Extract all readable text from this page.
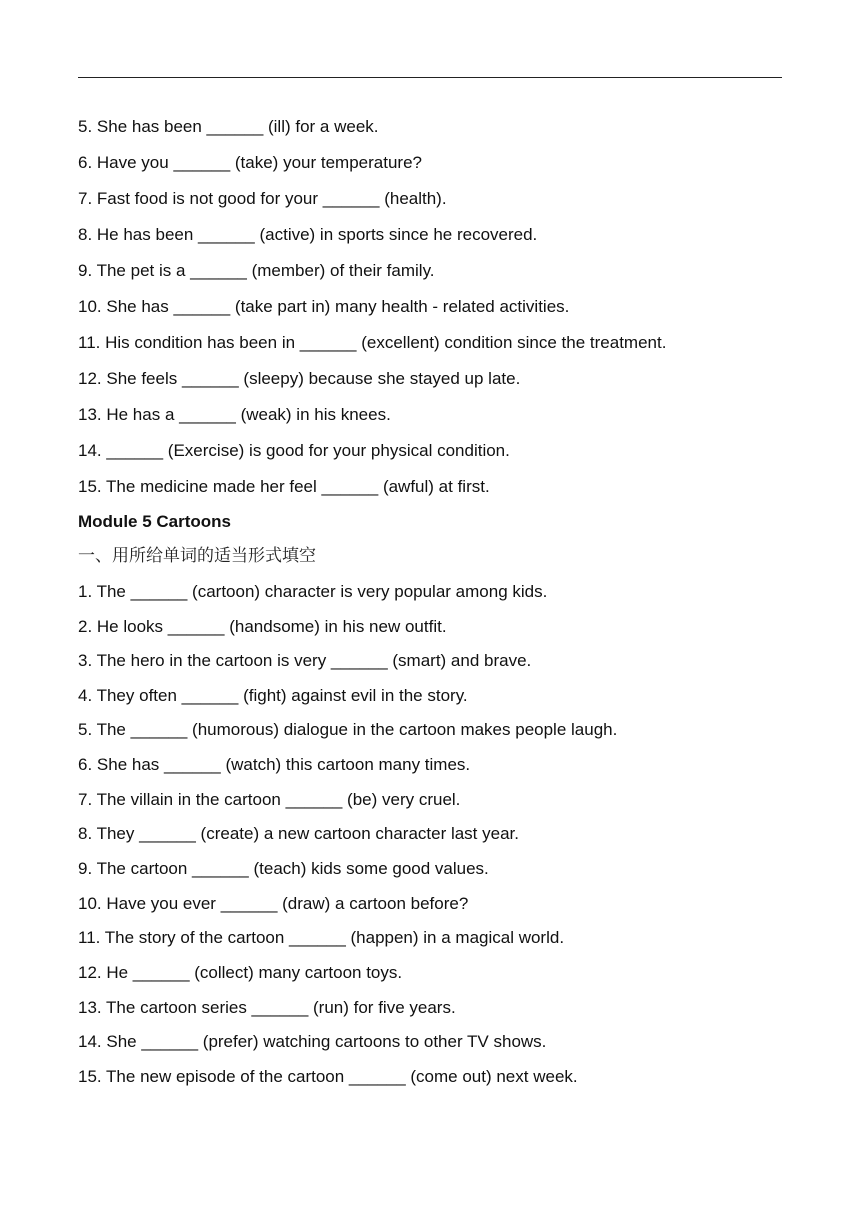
5. She has been ______ (ill) for a week.
6. Have you ______ (take) your temperature?
7. Fast food is not good for your ______ (health).
8. He has been ______ (active) in sports since he recovered.
9. The pet is a ______ (member) of their family.
10. She has ______ (take part in) many health - related activities.
11. His condition has been in ______ (excellent) condition since the treatment.
12. She feels ______ (sleepy) because she stayed up late.
13. He has a ______ (weak) in his knees.
14. ______ (Exercise) is good for your physical condition.
15. The medicine made her feel ______ (awful) at first.
Module 5 Cartoons
一、用所给单词的适当形式填空
1. The ______ (cartoon) character is very popular among kids.
2. He looks ______ (handsome) in his new outfit.
3. The hero in the cartoon is very ______ (smart) and brave.
4. They often ______ (fight) against evil in the story.
5. The ______ (humorous) dialogue in the cartoon makes people laugh.
6. She has ______ (watch) this cartoon many times.
7. The villain in the cartoon ______ (be) very cruel.
8. They ______ (create) a new cartoon character last year.
9. The cartoon ______ (teach) kids some good values.
10. Have you ever ______ (draw) a cartoon before?
11. The story of the cartoon ______ (happen) in a magical world.
12. He ______ (collect) many cartoon toys.
13. The cartoon series ______ (run) for five years.
14. She ______ (prefer) watching cartoons to other TV shows.
15. The new episode of the cartoon ______ (come out) next week.
